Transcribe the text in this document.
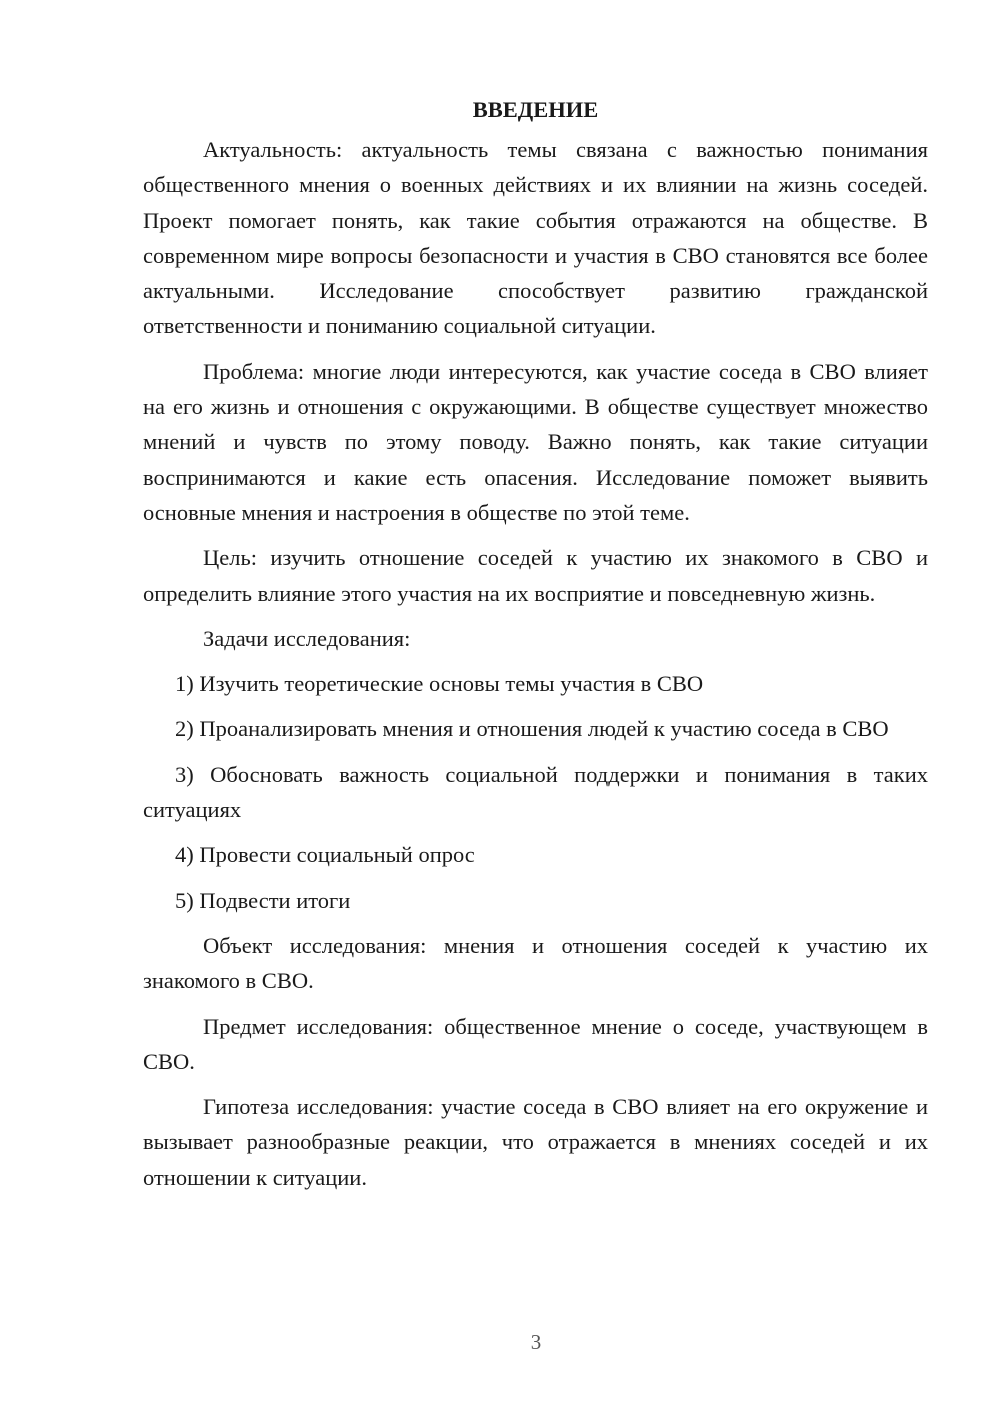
ВВЕДЕНИЕ

Актуальность: актуальность темы связана с важностью понимания общественного мнения о военных действиях и их влиянии на жизнь соседей. Проект помогает понять, как такие события отражаются на обществе. В современном мире вопросы безопасности и участия в СВО становятся все более актуальными. Исследование способствует развитию гражданской ответственности и пониманию социальной ситуации.

Проблема: многие люди интересуются, как участие соседа в СВО влияет на его жизнь и отношения с окружающими. В обществе существует множество мнений и чувств по этому поводу. Важно понять, как такие ситуации воспринимаются и какие есть опасения. Исследование поможет выявить основные мнения и настроения в обществе по этой теме.

Цель: изучить отношение соседей к участию их знакомого в СВО и определить влияние этого участия на их восприятие и повседневную жизнь.

Задачи исследования:

1) Изучить теоретические основы темы участия в СВО

2) Проанализировать мнения и отношения людей к участию соседа в СВО

3) Обосновать важность социальной поддержки и понимания в таких ситуациях

4) Провести социальный опрос

5) Подвести итоги

Объект исследования: мнения и отношения соседей к участию их знакомого в СВО.

Предмет исследования: общественное мнение о соседе, участвующем в СВО.

Гипотеза исследования: участие соседа в СВО влияет на его окружение и вызывает разнообразные реакции, что отражается в мнениях соседей и их отношении к ситуации.

3
